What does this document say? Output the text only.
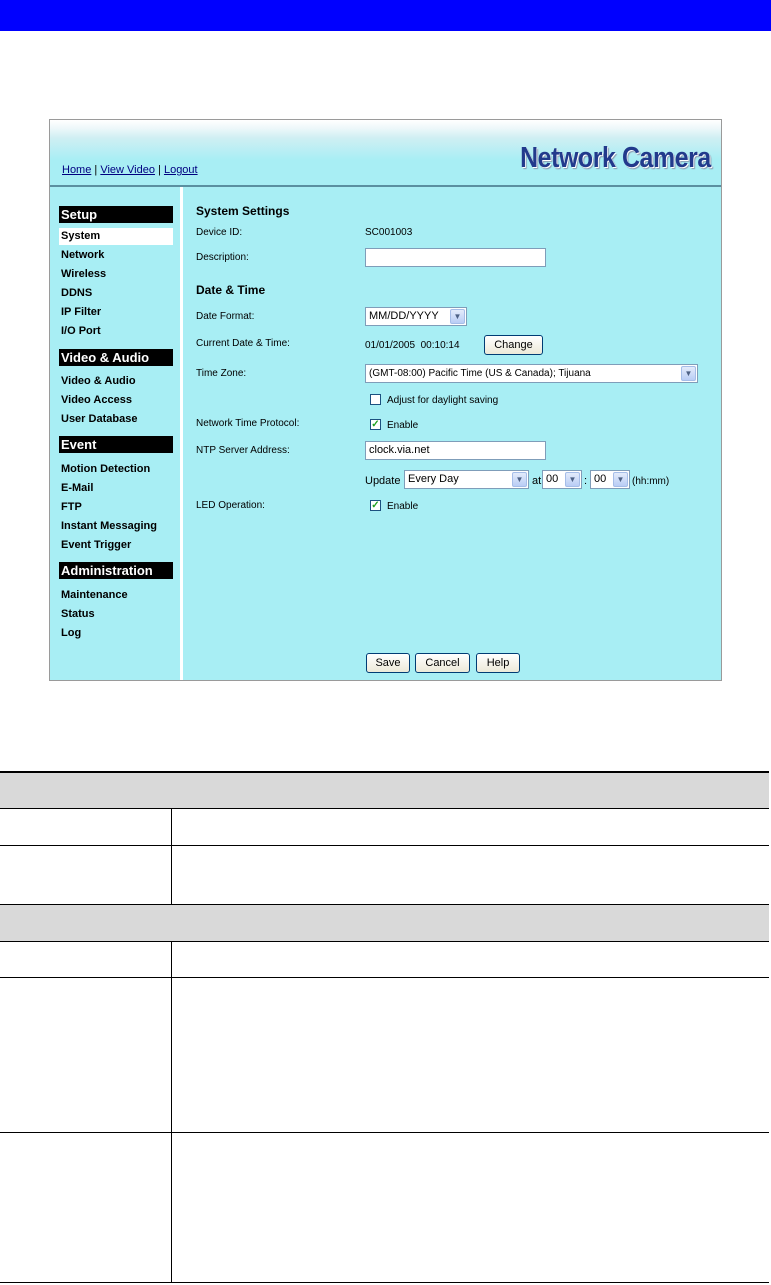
Home | View Video | Logout	Network Camera
Setup
System
Network
Wireless
DDNS
IP Filter
I/O Port
Video & Audio
Video & Audio
Video Access
User Database
Event
Motion Detection
E-Mail
FTP
Instant Messaging
Event Trigger
Administration
Maintenance
Status
Log
System Settings
Device ID:	SC001003
Description:
Date & Time
Date Format:	MM/DD/YYYY	▼
Current Date & Time:	01/01/2005  00:10:14	Change
Time Zone:	(GMT-08:00) Pacific Time (US & Canada); Tijuana	▼
Adjust for daylight saving
Network Time Protocol:	✓ Enable
NTP Server Address:	clock.via.net
Update Every Day	▼ at 00	▼ : 00	▼ (hh:mm)
LED Operation:	✓ Enable
Save	Cancel	Help
